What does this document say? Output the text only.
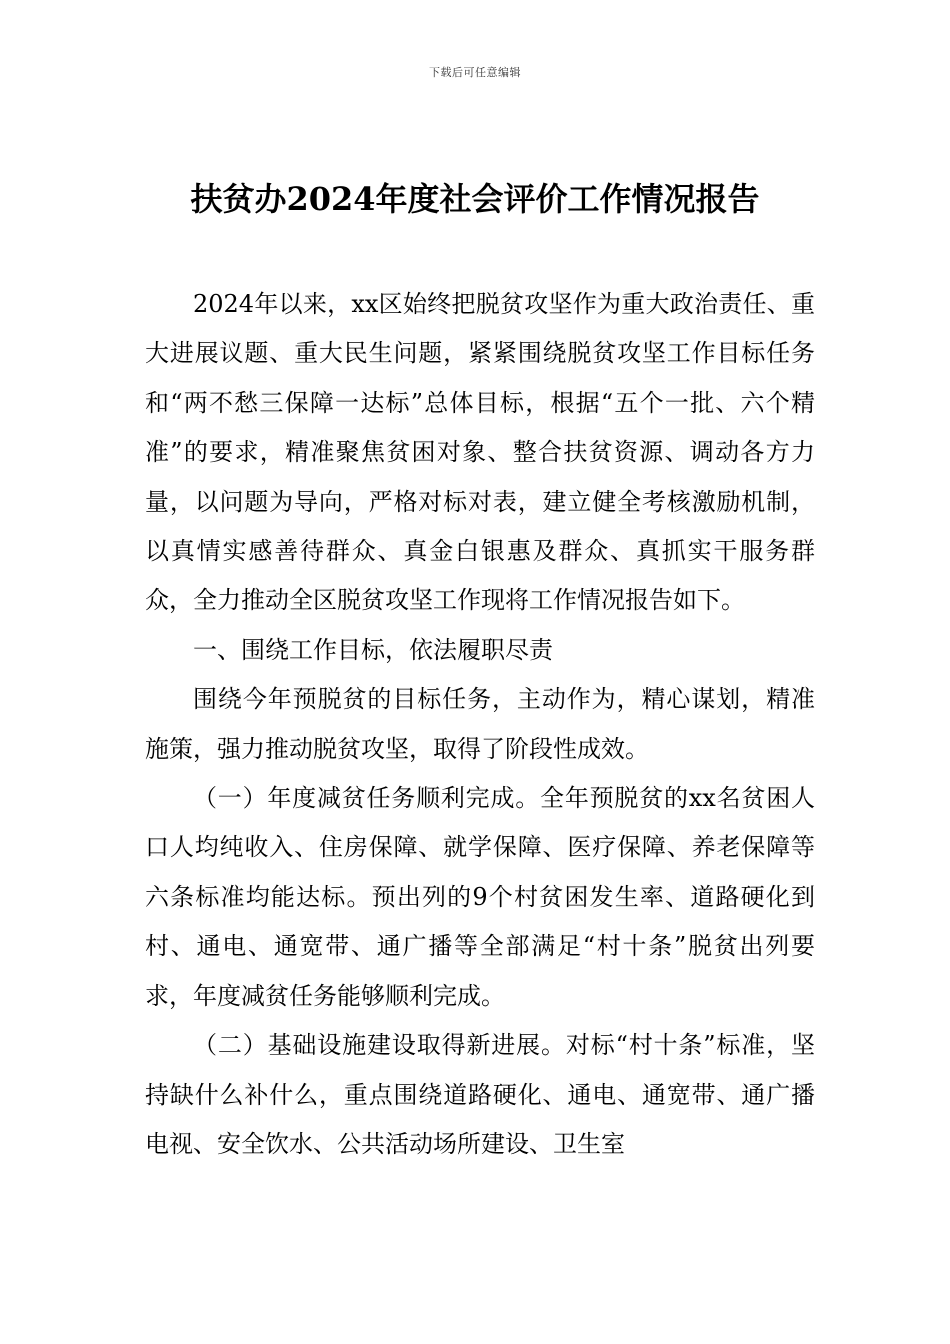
下载后可任意编辑
扶贫办2024年度社会评价工作情况报告

2024年以来，xx区始终把脱贫攻坚作为重大政治责任、重大进展议题、重大民生问题，紧紧围绕脱贫攻坚工作目标任务和“两不愁三保障一达标”总体目标，根据“五个一批、六个精准”的要求，精准聚焦贫困对象、整合扶贫资源、调动各方力量，以问题为导向，严格对标对表，建立健全考核激励机制，以真情实感善待群众、真金白银惠及群众、真抓实干服务群众，全力推动全区脱贫攻坚工作现将工作情况报告如下。

一、围绕工作目标，依法履职尽责

围绕今年预脱贫的目标任务，主动作为，精心谋划，精准施策，强力推动脱贫攻坚，取得了阶段性成效。

（一）年度减贫任务顺利完成。全年预脱贫的xx名贫困人口人均纯收入、住房保障、就学保障、医疗保障、养老保障等六条标准均能达标。预出列的9个村贫困发生率、道路硬化到村、通电、通宽带、通广播等全部满足“村十条”脱贫出列要求，年度减贫任务能够顺利完成。

（二）基础设施建设取得新进展。对标“村十条”标准，坚持缺什么补什么，重点围绕道路硬化、通电、通宽带、通广播电视、安全饮水、公共活动场所建设、卫生室
